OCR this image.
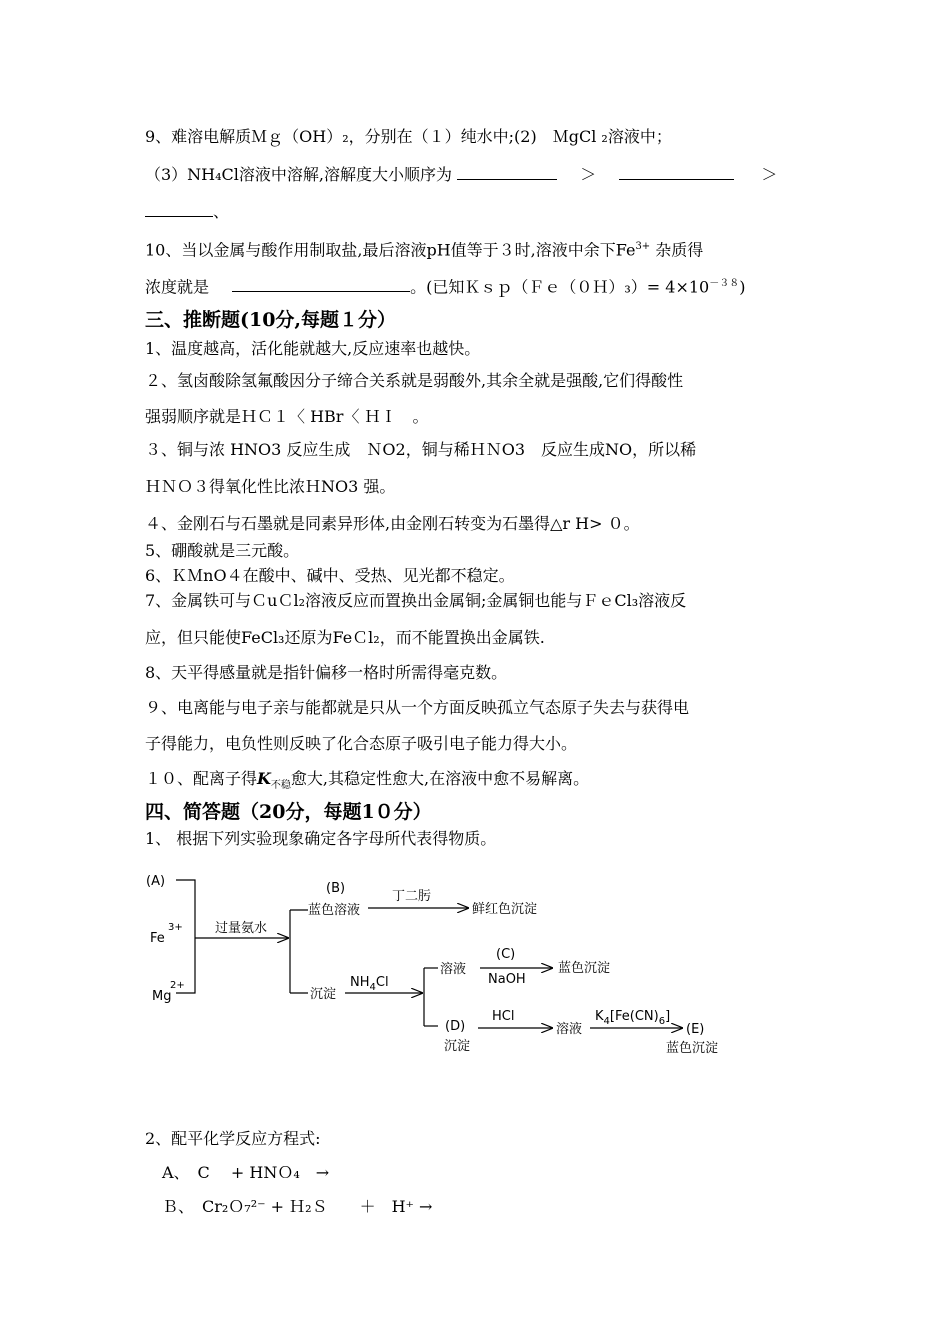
9、难溶电解质Ｍｇ（OH）₂，分别在（１）纯水中;(2)　ＭgCl ₂溶液中；
（3）NH₄Cl溶液中溶解,溶解度大小顺序为	＞	＞
、
10、当以金属与酸作用制取盐,最后溶液pH值等于３时,溶液中余下$Fe^{3+}$ 杂质得
浓度就是	。(已知Ｋｓｐ（Ｆｅ（０Ｈ）₃）= $4\times 10^{-38}$)
三、推断题(10分,每题１分）
1、温度越高，活化能就越大,反应速率也越快。
２、氢卤酸除氢氟酸因分子缔合关系就是弱酸外,其余全就是强酸,它们得酸性
强弱顺序就是ＨＣ１〈 HBr〈 ＨＩ　。
３、铜与浓 HNO3 反应生成　ＮO2，铜与稀ＨＮO3　反应生成NO，所以稀
ＨＮＯ３得氧化性比浓ＨNO3 强。
４、金刚石与石墨就是同素异形体,由金刚石转变为石墨得△r H> ０。
5、硼酸就是三元酸。
6、ＫＭnO４在酸中、碱中、受热、见光都不稳定。
7、金属铁可与ＣuＣl₂溶液反应而置换出金属铜;金属铜也能与ＦｅCl₃溶液反
应，但只能使FeCl₃还原为FeＣl₂，而不能置换出金属铁.
8、天平得感量就是指针偏移一格时所需得毫克数。
９、电离能与电子亲与能都就是只从一个方面反映孤立气态原子失去与获得电
子得能力，电负性则反映了化合态原子吸引电子能力得大小。
１０、配离子得$K_{不稳}$愈大,其稳定性愈大,在溶液中愈不易解离。
四、简答题（20分，每题1０分）
1、 根据下列实验现象确定各字母所代表得物质。
(A)
Fe
3+
Mg
2+
过量氨水
(B)
蓝色溶液
丁二肟
鲜红色沉淀
沉淀
$NH_4Cl$
溶液
(C)
NaOH
蓝色沉淀
(D)
沉淀
HCl
溶液
$K_4[Fe(CN)_6]$
(E)
蓝色沉淀
2、配平化学反应方程式:
A、　C　 + HNＯ₄　→
Ｂ、　Cr₂Ｏ₇²⁻ + Ｈ₂Ｓ　　＋　H⁺ →
